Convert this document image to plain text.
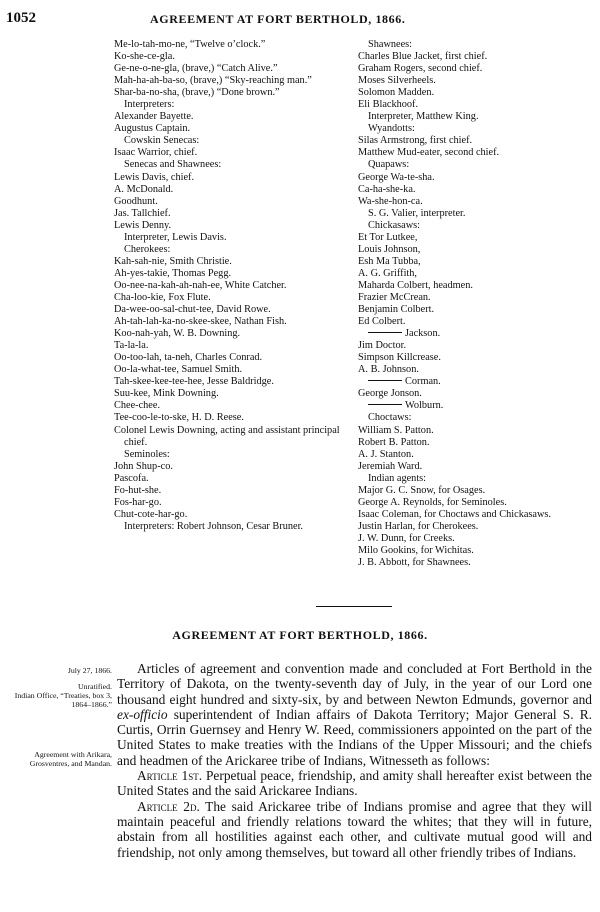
1052	AGREEMENT AT FORT BERTHOLD, 1866.
Me-lo-tah-mo-ne, “Twelve o’clock.”
Ko-she-ce-gla.
Ge-ne-o-ne-gla, (brave,) “Catch Alive.”
Mah-ha-ah-ba-so, (brave,) “Sky-reaching man.”
Shar-ba-no-sha, (brave,) “Done brown.”
Interpreters:
Alexander Bayette.
Augustus Captain.
Cowskin Senecas:
Isaac Warrior, chief.
Senecas and Shawnees:
Lewis Davis, chief.
A. McDonald.
Goodhunt.
Jas. Tallchief.
Lewis Denny.
Interpreter, Lewis Davis.
Cherokees:
Kah-sah-nie, Smith Christie.
Ah-yes-takie, Thomas Pegg.
Oo-nee-na-kah-ah-nah-ee, White Catcher.
Cha-loo-kie, Fox Flute.
Da-wee-oo-sal-chut-tee, David Rowe.
Ah-tah-lah-ka-no-skee-skee, Nathan Fish.
Koo-nah-yah, W. B. Downing.
Ta-la-la.
Oo-too-lah, ta-neh, Charles Conrad.
Oo-la-what-tee, Samuel Smith.
Tah-skee-kee-tee-hee, Jesse Baldridge.
Suu-kee, Mink Downing.
Chee-chee.
Tee-coo-le-to-ske, H. D. Reese.
Colonel Lewis Downing, acting and assistant principal chief.
Seminoles:
John Shup-co.
Pascofa.
Fo-hut-she.
Fos-har-go.
Chut-cote-har-go.
Interpreters: Robert Johnson, Cesar Bruner.
Shawnees:
Charles Blue Jacket, first chief.
Graham Rogers, second chief.
Moses Silverheels.
Solomon Madden.
Eli Blackhoof.
Interpreter, Matthew King.
Wyandotts:
Silas Armstrong, first chief.
Matthew Mud-eater, second chief.
Quapaws:
George Wa-te-sha.
Ca-ha-she-ka.
Wa-she-hon-ca.
S. G. Valier, interpreter.
Chickasaws:
Et Tor Lutkee,
Louis Johnson,
Esh Ma Tubba,
A. G. Griffith,
Maharda Colbert, headmen.
Frazier McCrean.
Benjamin Colbert.
Ed Colbert.
Jackson.
Jim Doctor.
Simpson Killcrease.
A. B. Johnson.
Corman.
George Jonson.
Wolburn.
Choctaws:
William S. Patton.
Robert B. Patton.
A. J. Stanton.
Jeremiah Ward.
Indian agents:
Major G. C. Snow, for Osages.
George A. Reynolds, for Seminoles.
Isaac Coleman, for Choctaws and Chickasaws.
Justin Harlan, for Cherokees.
J. W. Dunn, for Creeks.
Milo Gookins, for Wichitas.
J. B. Abbott, for Shawnees.
AGREEMENT AT FORT BERTHOLD, 1866.
July 27, 1866.
Unratified.
Indian Office, “Treaties, box 3, 1864–1866.”
Agreement with Arikara, Grosventres, and Mandan.

Articles of agreement and convention made and concluded at Fort Berthold in the Territory of Dakota, on the twenty-seventh day of July, in the year of our Lord one thousand eight hundred and sixty-six, by and between Newton Edmunds, governor and ex-officio superintendent of Indian affairs of Dakota Territory; Major General S. R. Curtis, Orrin Guernsey and Henry W. Reed, commissioners appointed on the part of the United States to make treaties with the Indians of the Upper Missouri; and the chiefs and headmen of the Arickaree tribe of Indians, Witnesseth as follows:

Article 1st. Perpetual peace, friendship, and amity shall hereafter exist between the United States and the said Arickaree Indians.

Article 2d. The said Arickaree tribe of Indians promise and agree that they will maintain peaceful and friendly relations toward the whites; that they will in future, abstain from all hostilities against each other, and cultivate mutual good will and friendship, not only among themselves, but toward all other friendly tribes of Indians.
